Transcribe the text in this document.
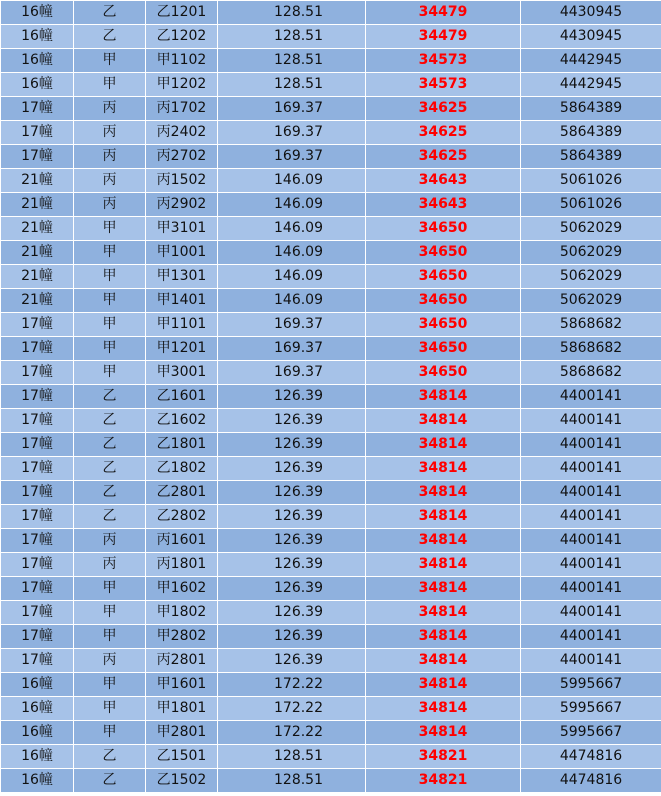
16幢	乙	乙1201	128.51	34479	4430945
16幢	乙	乙1202	128.51	34479	4430945
16幢	甲	甲1102	128.51	34573	4442945
16幢	甲	甲1202	128.51	34573	4442945
17幢	丙	丙1702	169.37	34625	5864389
17幢	丙	丙2402	169.37	34625	5864389
17幢	丙	丙2702	169.37	34625	5864389
21幢	丙	丙1502	146.09	34643	5061026
21幢	丙	丙2902	146.09	34643	5061026
21幢	甲	甲3101	146.09	34650	5062029
21幢	甲	甲1001	146.09	34650	5062029
21幢	甲	甲1301	146.09	34650	5062029
21幢	甲	甲1401	146.09	34650	5062029
17幢	甲	甲1101	169.37	34650	5868682
17幢	甲	甲1201	169.37	34650	5868682
17幢	甲	甲3001	169.37	34650	5868682
17幢	乙	乙1601	126.39	34814	4400141
17幢	乙	乙1602	126.39	34814	4400141
17幢	乙	乙1801	126.39	34814	4400141
17幢	乙	乙1802	126.39	34814	4400141
17幢	乙	乙2801	126.39	34814	4400141
17幢	乙	乙2802	126.39	34814	4400141
17幢	丙	丙1601	126.39	34814	4400141
17幢	丙	丙1801	126.39	34814	4400141
17幢	甲	甲1602	126.39	34814	4400141
17幢	甲	甲1802	126.39	34814	4400141
17幢	甲	甲2802	126.39	34814	4400141
17幢	丙	丙2801	126.39	34814	4400141
16幢	甲	甲1601	172.22	34814	5995667
16幢	甲	甲1801	172.22	34814	5995667
16幢	甲	甲2801	172.22	34814	5995667
16幢	乙	乙1501	128.51	34821	4474816
16幢	乙	乙1502	128.51	34821	4474816
